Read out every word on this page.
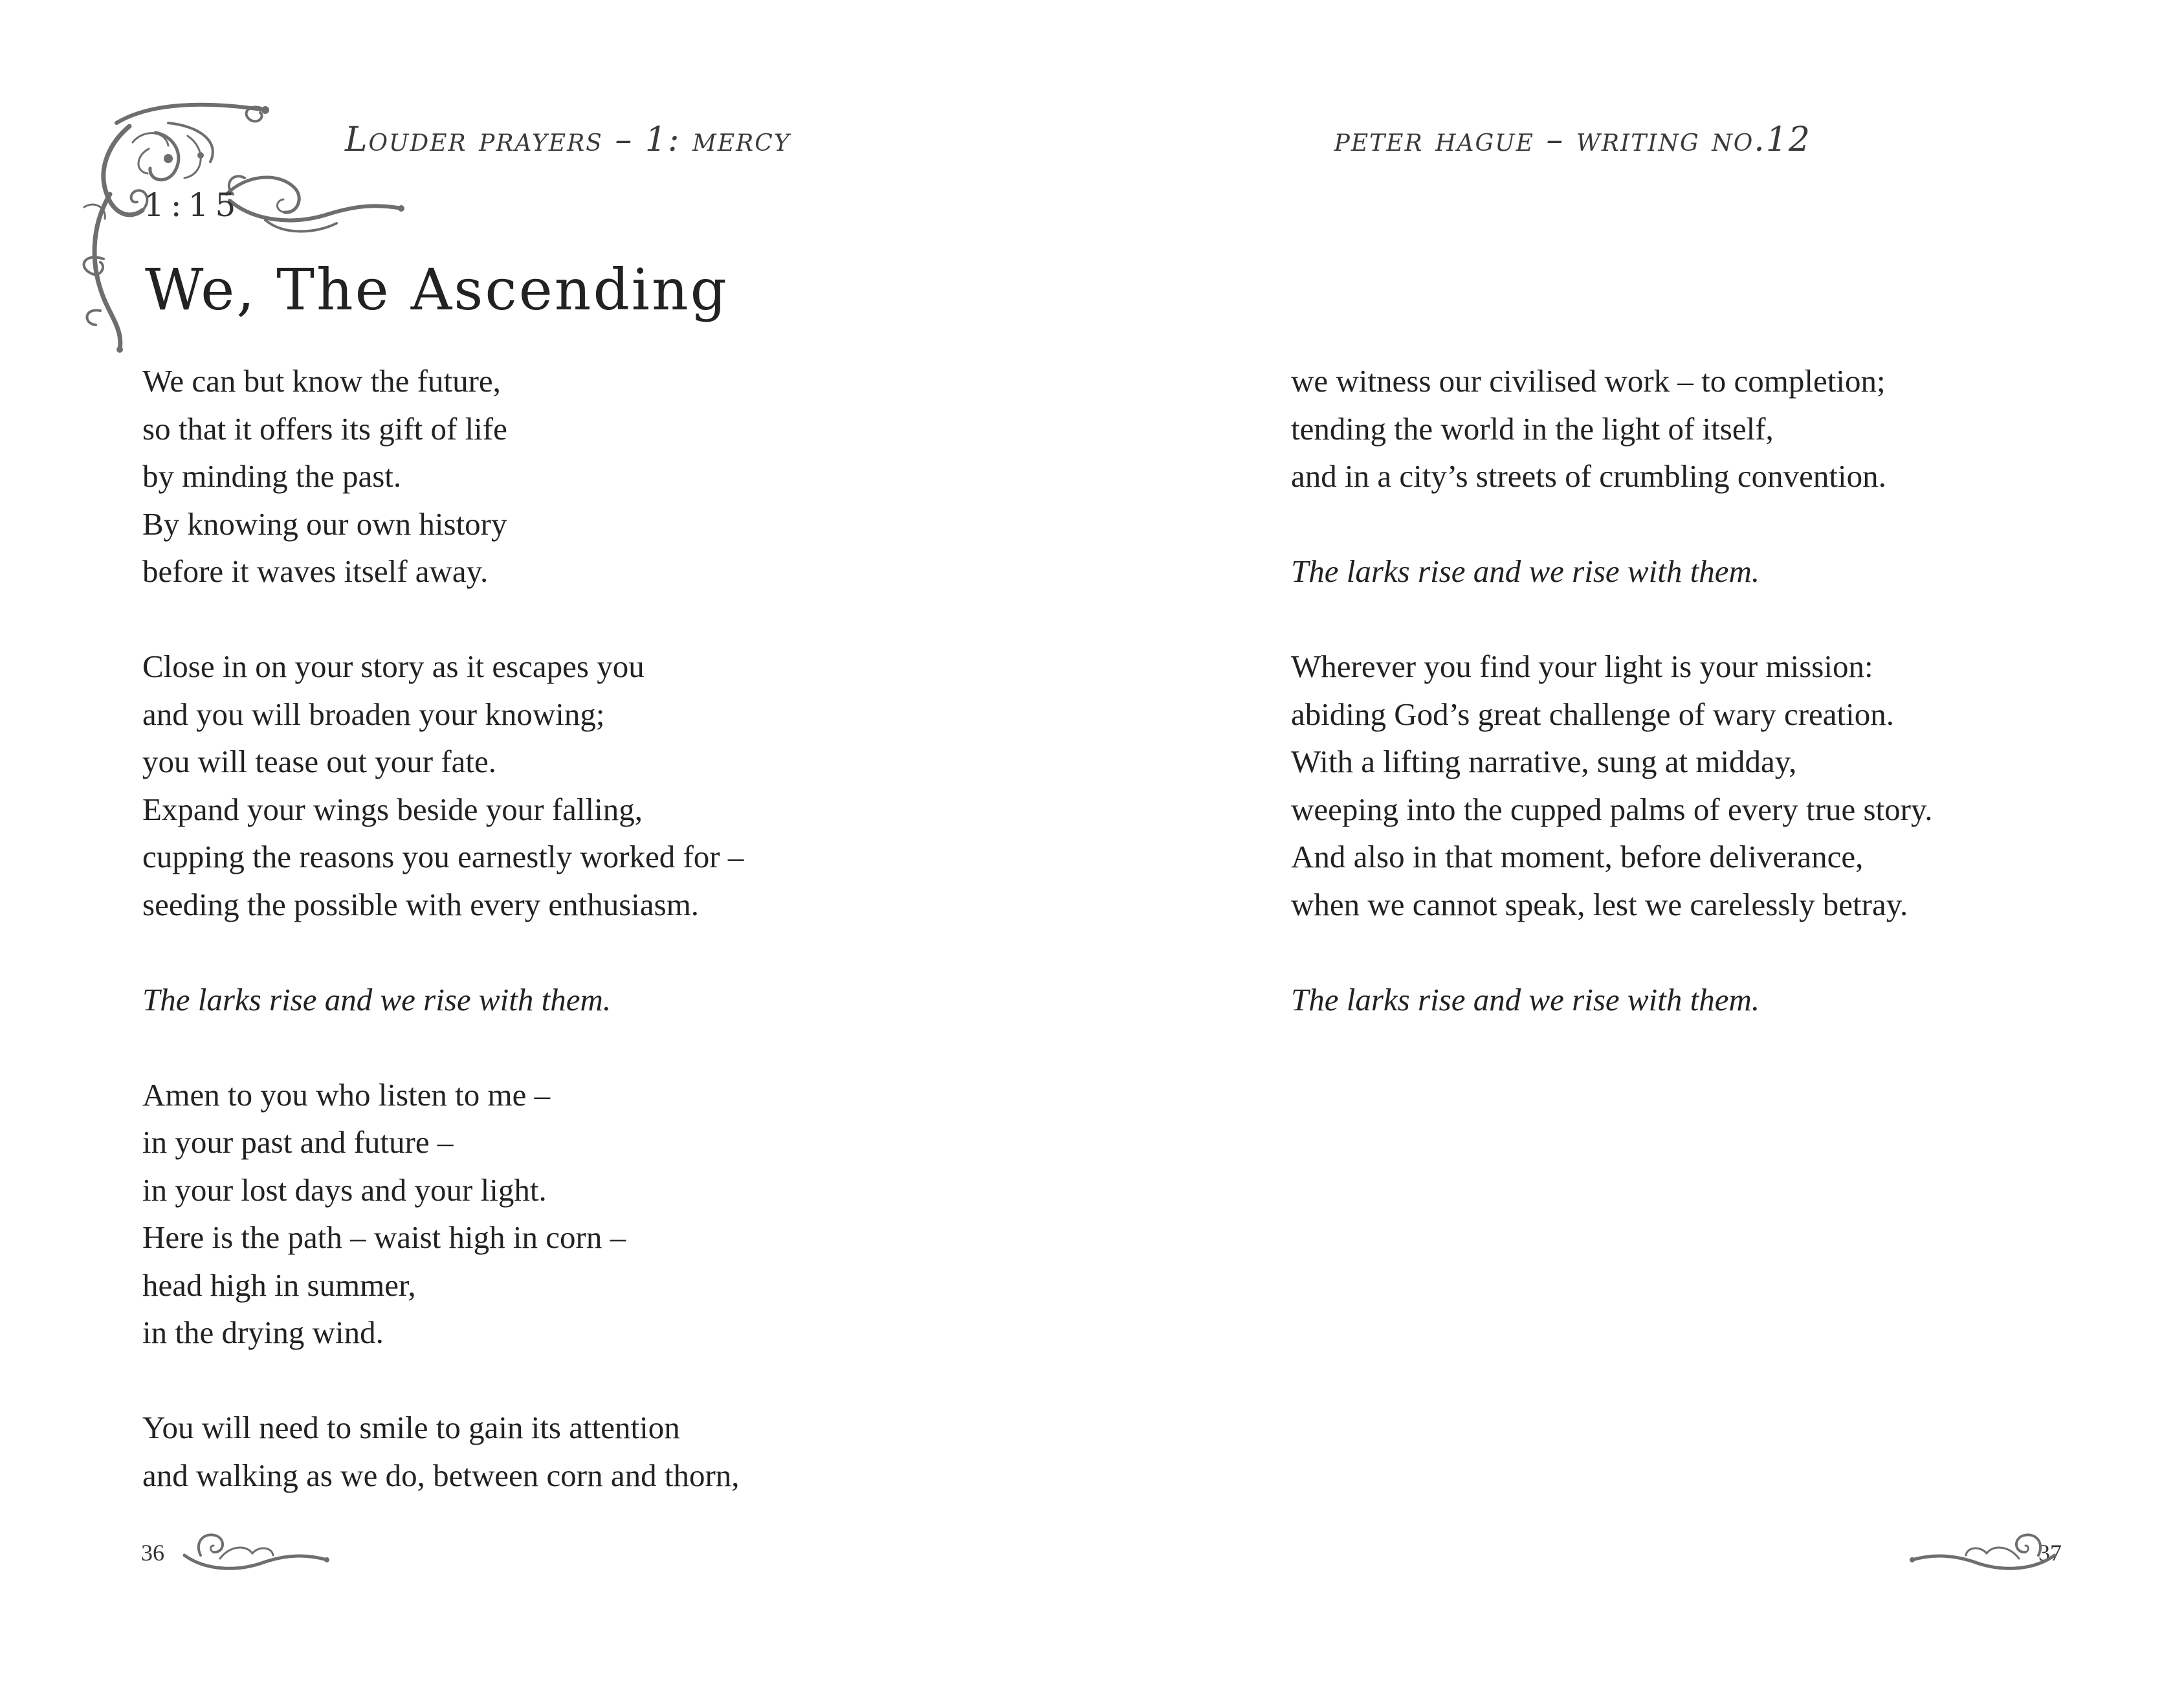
Louder prayers – 1: mercy
1:15
We, The Ascending
We can but know the future,
so that it offers its gift of life
by minding the past.
By knowing our own history
before it waves itself away.
Close in on your story as it escapes you
and you will broaden your knowing;
you will tease out your fate.
Expand your wings beside your falling,
cupping the reasons you earnestly worked for –
seeding the possible with every enthusiasm.
The larks rise and we rise with them.
Amen to you who listen to me –
in your past and future –
in your lost days and your light.
Here is the path – waist high in corn –
head high in summer,
in the drying wind.
You will need to smile to gain its attention
and walking as we do, between corn and thorn,
36
peter hague – writing no.12
we witness our civilised work – to completion;
tending the world in the light of itself,
and in a city’s streets of crumbling convention.
The larks rise and we rise with them.
Wherever you find your light is your mission:
abiding God’s great challenge of wary creation.
With a lifting narrative, sung at midday,
weeping into the cupped palms of every true story.
And also in that moment, before deliverance,
when we cannot speak, lest we carelessly betray.
The larks rise and we rise with them.
37
